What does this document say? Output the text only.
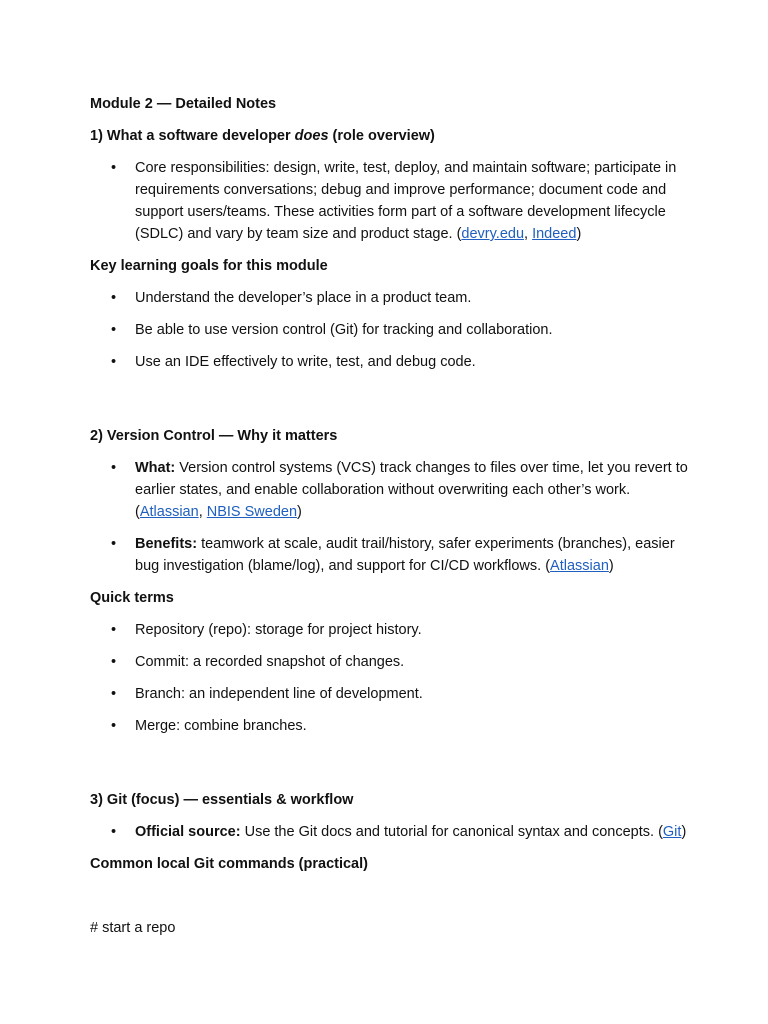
Module 2 — Detailed Notes
1) What a software developer does (role overview)
• Core responsibilities: design, write, test, deploy, and maintain software; participate in requirements conversations; debug and improve performance; document code and support users/teams. These activities form part of a software development lifecycle (SDLC) and vary by team size and product stage. (devry.edu, Indeed)
Key learning goals for this module
• Understand the developer’s place in a product team.
• Be able to use version control (Git) for tracking and collaboration.
• Use an IDE effectively to write, test, and debug code.
2) Version Control — Why it matters
• What: Version control systems (VCS) track changes to files over time, let you revert to earlier states, and enable collaboration without overwriting each other’s work. (Atlassian, NBIS Sweden)
• Benefits: teamwork at scale, audit trail/history, safer experiments (branches), easier bug investigation (blame/log), and support for CI/CD workflows. (Atlassian)
Quick terms
• Repository (repo): storage for project history.
• Commit: a recorded snapshot of changes.
• Branch: an independent line of development.
• Merge: combine branches.
3) Git (focus) — essentials & workflow
• Official source: Use the Git docs and tutorial for canonical syntax and concepts. (Git)
Common local Git commands (practical)
# start a repo
